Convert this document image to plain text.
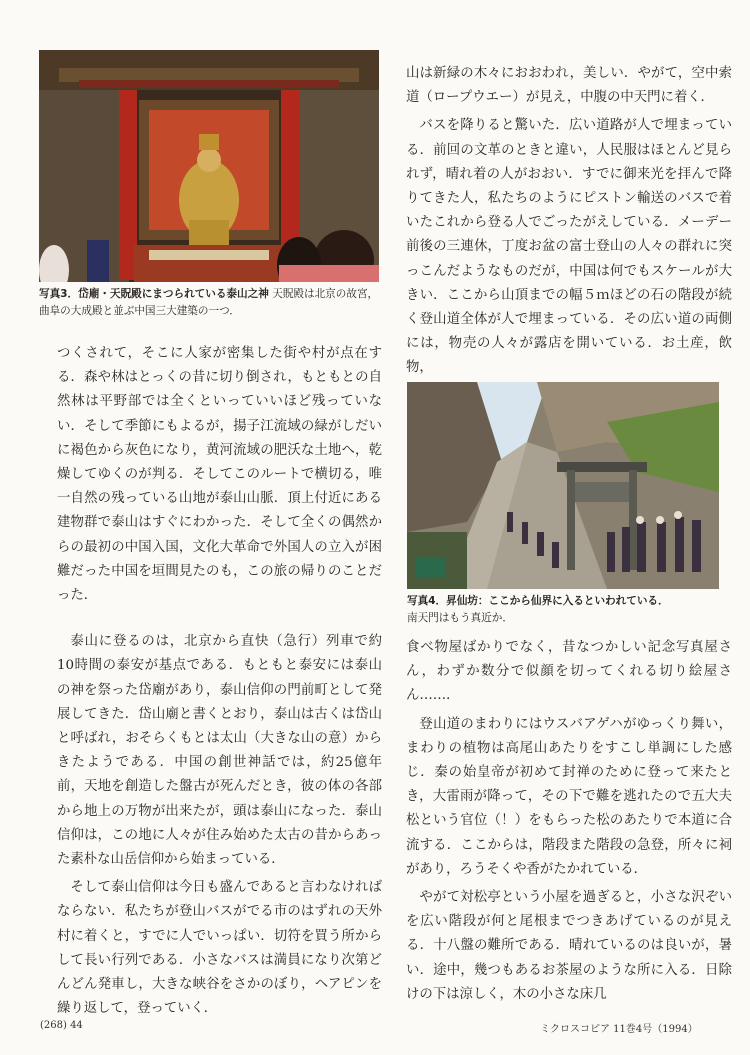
写真3．岱廟・天貺殿にまつられている泰山之神 天貺殿は北京の故宮，曲阜の大成殿と並ぶ中国三大建築の一つ．

山は新緑の木々におおわれ，美しい．やがて，空中索道（ロープウエー）が見え，中腹の中天門に着く．

バスを降りると驚いた．広い道路が人で埋まっている．前回の文革のときと違い，人民服はほとんど見られず，晴れ着の人がおおい．すでに御来光を拝んで降りてきた人，私たちのようにピストン輸送のバスで着いたこれから登る人でごったがえしている．メーデー前後の三連休，丁度お盆の富士登山の人々の群れに突っこんだようなものだが，中国は何でもスケールが大きい．ここから山頂までの幅５ｍほどの石の階段が続く登山道全体が人で埋まっている．その広い道の両側には，物売の人々が露店を開いている．お土産，飲物，

つくされて，そこに人家が密集した街や村が点在する．森や林はとっくの昔に切り倒され，もともとの自然林は平野部では全くといっていいほど残っていない．そして季節にもよるが，揚子江流域の緑がしだいに褐色から灰色になり，黄河流域の肥沃な土地へ，乾燥してゆくのが判る．そしてこのルートで横切る，唯一自然の残っている山地が泰山山脈．頂上付近にある建物群で泰山はすぐにわかった．そして全くの偶然からの最初の中国入国，文化大革命で外国人の立入が困難だった中国を垣間見たのも，この旅の帰りのことだった．

泰山に登るのは，北京から直快（急行）列車で約10時間の泰安が基点である．もともと泰安には泰山の神を祭った岱廟があり，泰山信仰の門前町として発展してきた．岱山廟と書くとおり，泰山は古くは岱山と呼ばれ，おそらくもとは太山（大きな山の意）からきたようである．中国の創世神話では，約25億年前，天地を創造した盤古が死んだとき，彼の体の各部から地上の万物が出来たが，頭は泰山になった．泰山信仰は，この地に人々が住み始めた太古の昔からあった素朴な山岳信仰から始まっている．

そして泰山信仰は今日も盛んであると言わなければならない．私たちが登山バスがでる市のはずれの天外村に着くと，すでに人でいっぱい．切符を買う所からして長い行列である．小さなバスは満員になり次第どんどん発車し，大きな峡谷をさかのぼり，ヘアピンを繰り返して，登っていく．

写真4．昇仙坊：ここから仙界に入るといわれている．
南天門はもう真近か．

食べ物屋ばかりでなく，昔なつかしい記念写真屋さん，わずか数分で似顔を切ってくれる切り絵屋さん……．

登山道のまわりにはウスバアゲハがゆっくり舞い，まわりの植物は高尾山あたりをすこし単調にした感じ．秦の始皇帝が初めて封禅のために登って来たとき，大雷雨が降って，その下で難を逃れたので五大夫松という官位（！）をもらった松のあたりで本道に合流する．ここからは，階段また階段の急登，所々に祠があり，ろうそくや香がたかれている．

やがて対松亭という小屋を過ぎると，小さな沢ぞいを広い階段が何と尾根までつきあげているのが見える．十八盤の難所である．晴れているのは良いが，暑い．途中，幾つもあるお茶屋のような所に入る．日除けの下は涼しく，木の小さな床几

(268) 44	ミクロスコピア 11巻4号（1994）
